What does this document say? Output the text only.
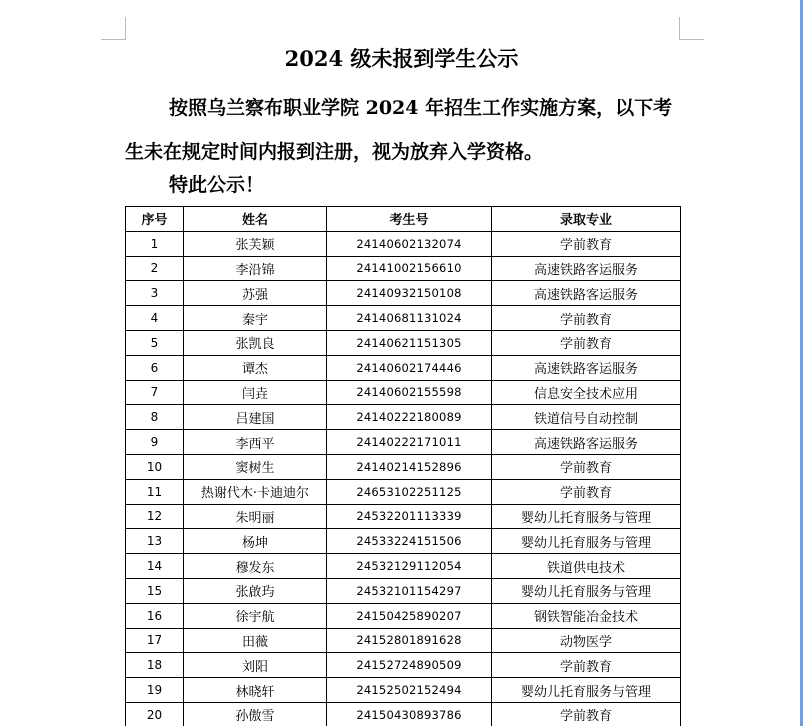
2024 级未报到学生公示

按照乌兰察布职业学院 2024 年招生工作实施方案，以下考生未在规定时间内报到注册，视为放弃入学资格。

特此公示！

序号	姓名	考生号	录取专业
1	张芙颖	24140602132074	学前教育
2	李沿锦	24141002156610	高速铁路客运服务
3	苏强	24140932150108	高速铁路客运服务
4	秦宇	24140681131024	学前教育
5	张凯良	24140621151305	学前教育
6	谭杰	24140602174446	高速铁路客运服务
7	闫垚	24140602155598	信息安全技术应用
8	吕建国	24140222180089	铁道信号自动控制
9	李西平	24140222171011	高速铁路客运服务
10	窦树生	24140214152896	学前教育
11	热谢代木·卡迪迪尔	24653102251125	学前教育
12	朱明丽	24532201113339	婴幼儿托育服务与管理
13	杨坤	24533224151506	婴幼儿托育服务与管理
14	穆发东	24532129112054	铁道供电技术
15	张啟玙	24532101154297	婴幼儿托育服务与管理
16	徐宇航	24150425890207	钢铁智能冶金技术
17	田薇	24152801891628	动物医学
18	刘阳	24152724890509	学前教育
19	林晓轩	24152502152494	婴幼儿托育服务与管理
20	孙傲雪	24150430893786	学前教育
